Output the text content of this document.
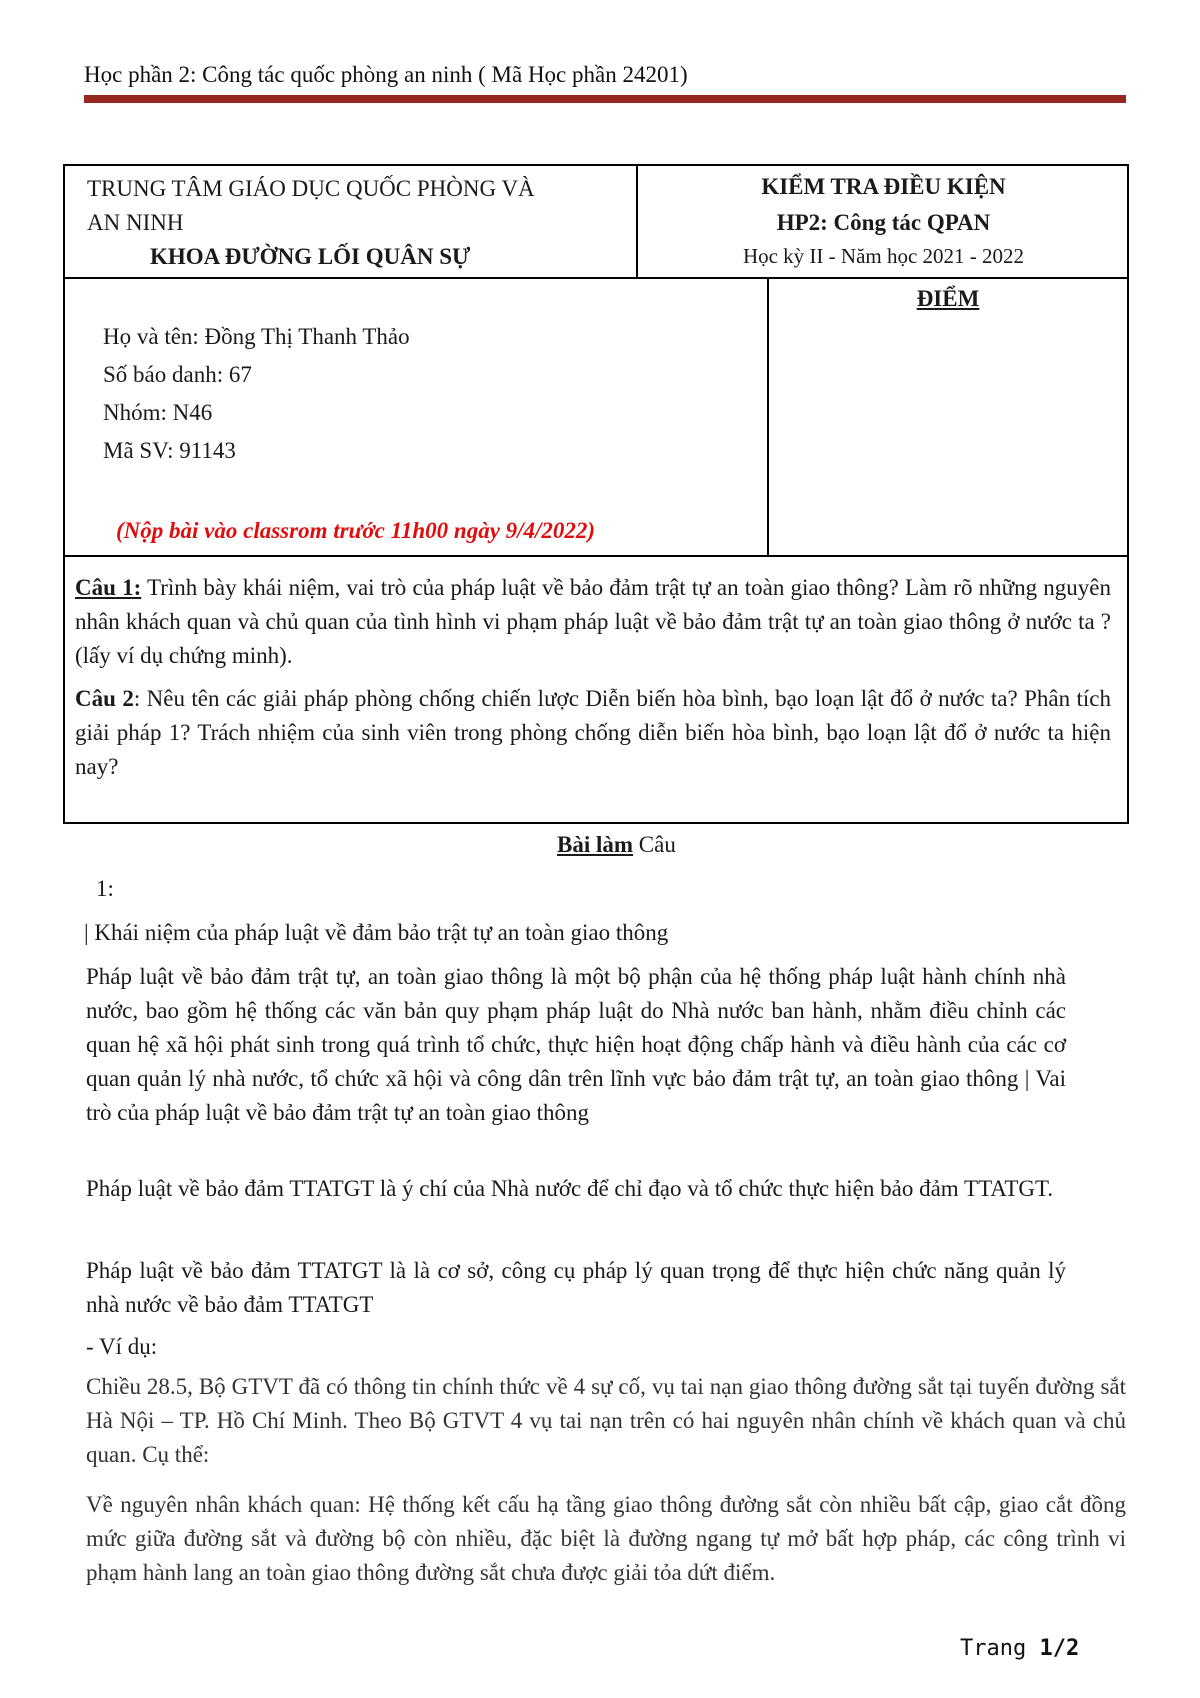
Học phần 2: Công tác quốc phòng an ninh ( Mã Học phần 24201)
TRUNG TÂM GIÁO DỤC QUỐC PHÒNG VÀ
AN NINH
KHOA ĐƯỜNG LỐI QUÂN SỰ
KIỂM TRA ĐIỀU KIỆN
HP2: Công tác QPAN
Học kỳ II - Năm học 2021 - 2022
Họ và tên: Đồng Thị Thanh Thảo
Số báo danh: 67
Nhóm: N46
Mã SV: 91143
(Nộp bài vào classrom trước 11h00 ngày 9/4/2022)
ĐIỂM
Câu 1: Trình bày khái niệm, vai trò của pháp luật về bảo đảm trật tự an toàn giao thông? Làm rõ những nguyên nhân khách quan và chủ quan của tình hình vi phạm pháp luật về bảo đảm trật tự an toàn giao thông ở nước ta ? (lấy ví dụ chứng minh).
Câu 2: Nêu tên các giải pháp phòng chống chiến lược Diễn biến hòa bình, bạo loạn lật đổ ở nước ta? Phân tích giải pháp 1? Trách nhiệm của sinh viên trong phòng chống diễn biến hòa bình, bạo loạn lật đổ ở nước ta hiện nay?
Bài làm Câu
1:
| Khái niệm của pháp luật về đảm bảo trật tự an toàn giao thông
Pháp luật về bảo đảm trật tự, an toàn giao thông là một bộ phận của hệ thống pháp luật hành chính nhà nước, bao gồm hệ thống các văn bản quy phạm pháp luật do Nhà nước ban hành, nhằm điều chỉnh các quan hệ xã hội phát sinh trong quá trình tổ chức, thực hiện hoạt động chấp hành và điều hành của các cơ quan quản lý nhà nước, tổ chức xã hội và công dân trên lĩnh vực bảo đảm trật tự, an toàn giao thông | Vai trò của pháp luật về bảo đảm trật tự an toàn giao thông
Pháp luật về bảo đảm TTATGT là ý chí của Nhà nước để chỉ đạo và tổ chức thực hiện bảo đảm TTATGT.
Pháp luật về bảo đảm TTATGT là là cơ sở, công cụ pháp lý quan trọng để thực hiện chức năng quản lý nhà nước về bảo đảm TTATGT
- Ví dụ:
Chiều 28.5, Bộ GTVT đã có thông tin chính thức về 4 sự cố, vụ tai nạn giao thông đường sắt tại tuyến đường sắt Hà Nội – TP. Hồ Chí Minh. Theo Bộ GTVT 4 vụ tai nạn trên có hai nguyên nhân chính về khách quan và chủ quan. Cụ thể:
Về nguyên nhân khách quan: Hệ thống kết cấu hạ tầng giao thông đường sắt còn nhiều bất cập, giao cắt đồng mức giữa đường sắt và đường bộ còn nhiều, đặc biệt là đường ngang tự mở bất hợp pháp, các công trình vi phạm hành lang an toàn giao thông đường sắt chưa được giải tỏa dứt điểm.
Trang 1/2
